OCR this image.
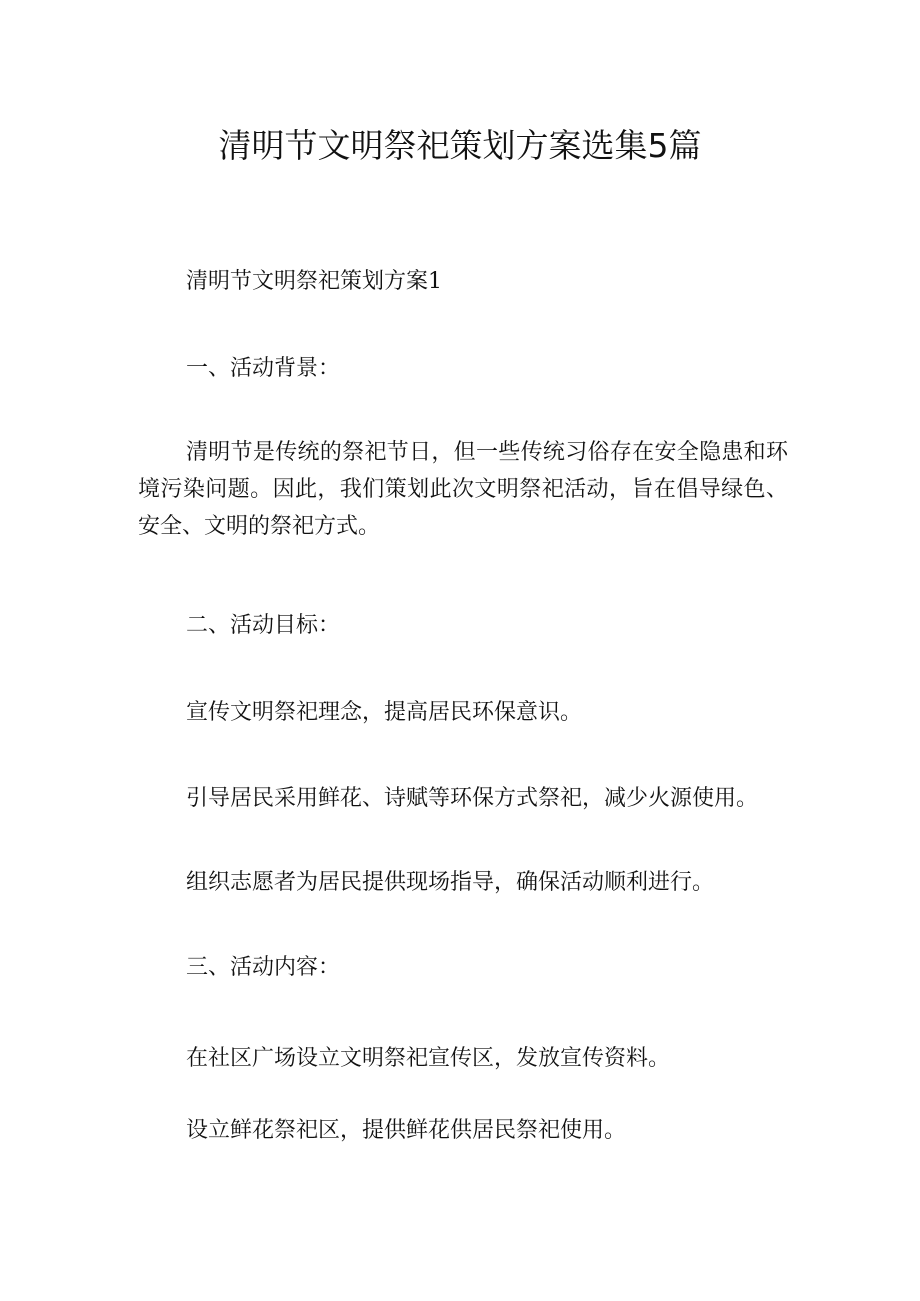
清明节文明祭祀策划方案选集5篇

清明节文明祭祀策划方案1

一、活动背景：

清明节是传统的祭祀节日，但一些传统习俗存在安全隐患和环境污染问题。因此，我们策划此次文明祭祀活动，旨在倡导绿色、安全、文明的祭祀方式。

二、活动目标：

宣传文明祭祀理念，提高居民环保意识。

引导居民采用鲜花、诗赋等环保方式祭祀，减少火源使用。

组织志愿者为居民提供现场指导，确保活动顺利进行。

三、活动内容：

在社区广场设立文明祭祀宣传区，发放宣传资料。

设立鲜花祭祀区，提供鲜花供居民祭祀使用。
